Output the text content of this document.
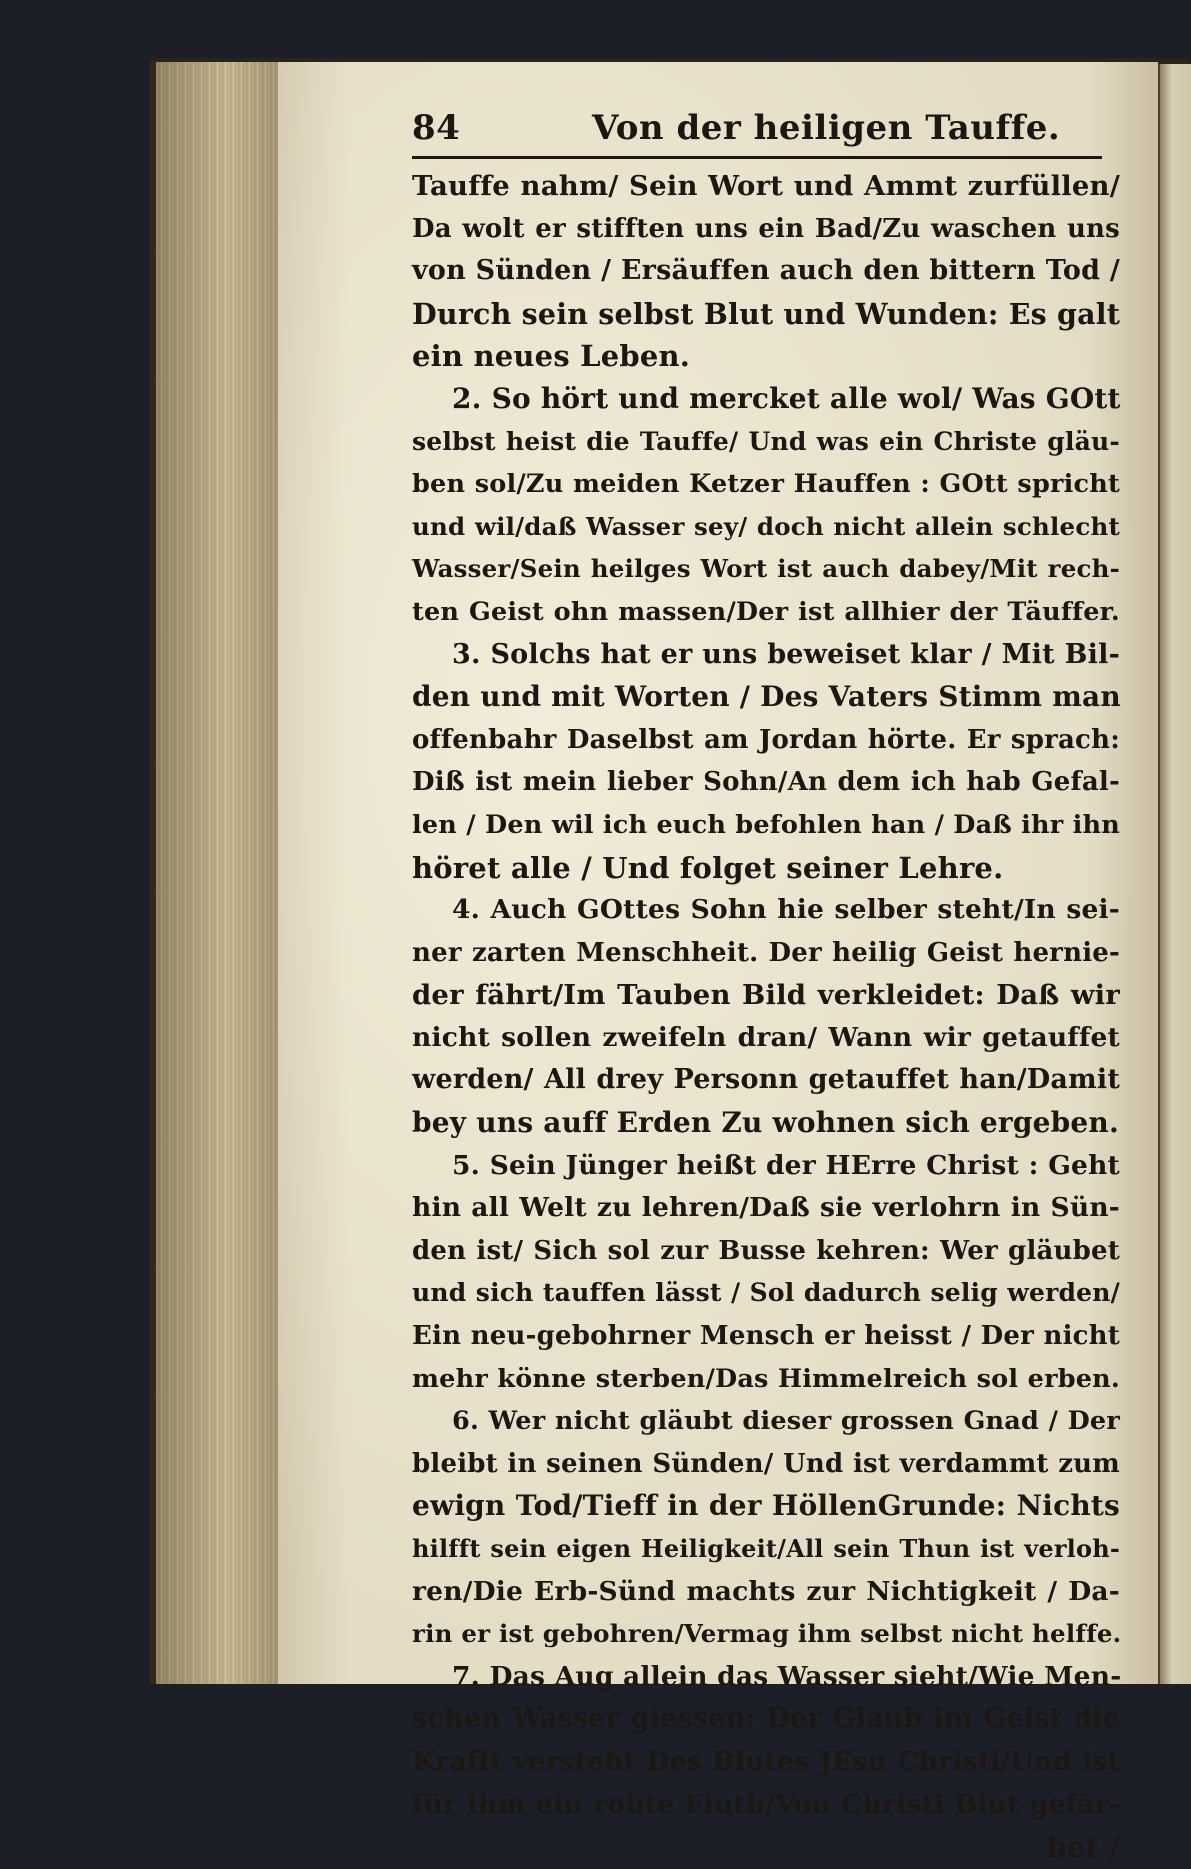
84	Von der heiligen Tauffe.
Tauffe nahm/ Sein Wort und Ammt zurfüllen/
Da wolt er stifften uns ein Bad/Zu waschen uns
von Sünden / Ersäuffen auch den bittern Tod /
Durch sein selbst Blut und Wunden: Es galt
ein neues Leben.
2. So hört und mercket alle wol/ Was GOtt
selbst heist die Tauffe/ Und was ein Christe gläu-
ben sol/Zu meiden Ketzer Hauffen : GOtt spricht
und wil/daß Wasser sey/ doch nicht allein schlecht
Wasser/Sein heilges Wort ist auch dabey/Mit rech-
ten Geist ohn massen/Der ist allhier der Täuffer.
3. Solchs hat er uns beweiset klar / Mit Bil-
den und mit Worten / Des Vaters Stimm man
offenbahr Daselbst am Jordan hörte. Er sprach:
Diß ist mein lieber Sohn/An dem ich hab Gefal-
len / Den wil ich euch befohlen han / Daß ihr ihn
höret alle / Und folget seiner Lehre.
4. Auch GOttes Sohn hie selber steht/In sei-
ner zarten Menschheit. Der heilig Geist hernie-
der fährt/Im Tauben Bild verkleidet: Daß wir
nicht sollen zweifeln dran/ Wann wir getauffet
werden/ All drey Personn getauffet han/Damit
bey uns auff Erden Zu wohnen sich ergeben.
5. Sein Jünger heißt der HErre Christ : Geht
hin all Welt zu lehren/Daß sie verlohrn in Sün-
den ist/ Sich sol zur Busse kehren: Wer gläubet
und sich tauffen lässt / Sol dadurch selig werden/
Ein neu-gebohrner Mensch er heisst / Der nicht
mehr könne sterben/Das Himmelreich sol erben.
6. Wer nicht gläubt dieser grossen Gnad / Der
bleibt in seinen Sünden/ Und ist verdammt zum
ewign Tod/Tieff in der HöllenGrunde: Nichts
hilfft sein eigen Heiligkeit/All sein Thun ist verloh-
ren/Die Erb-Sünd machts zur Nichtigkeit / Da-
rin er ist gebohren/Vermag ihm selbst nicht helffe.
7. Das Aug allein das Wasser sieht/Wie Men-
schen Wasser giessen: Der Glaub im Geist die
Krafft versteht Des Blutes JEsu Christi/Und ist
für ihm ein rohte Fluth/Von Christi Blut gefär-
bet /
